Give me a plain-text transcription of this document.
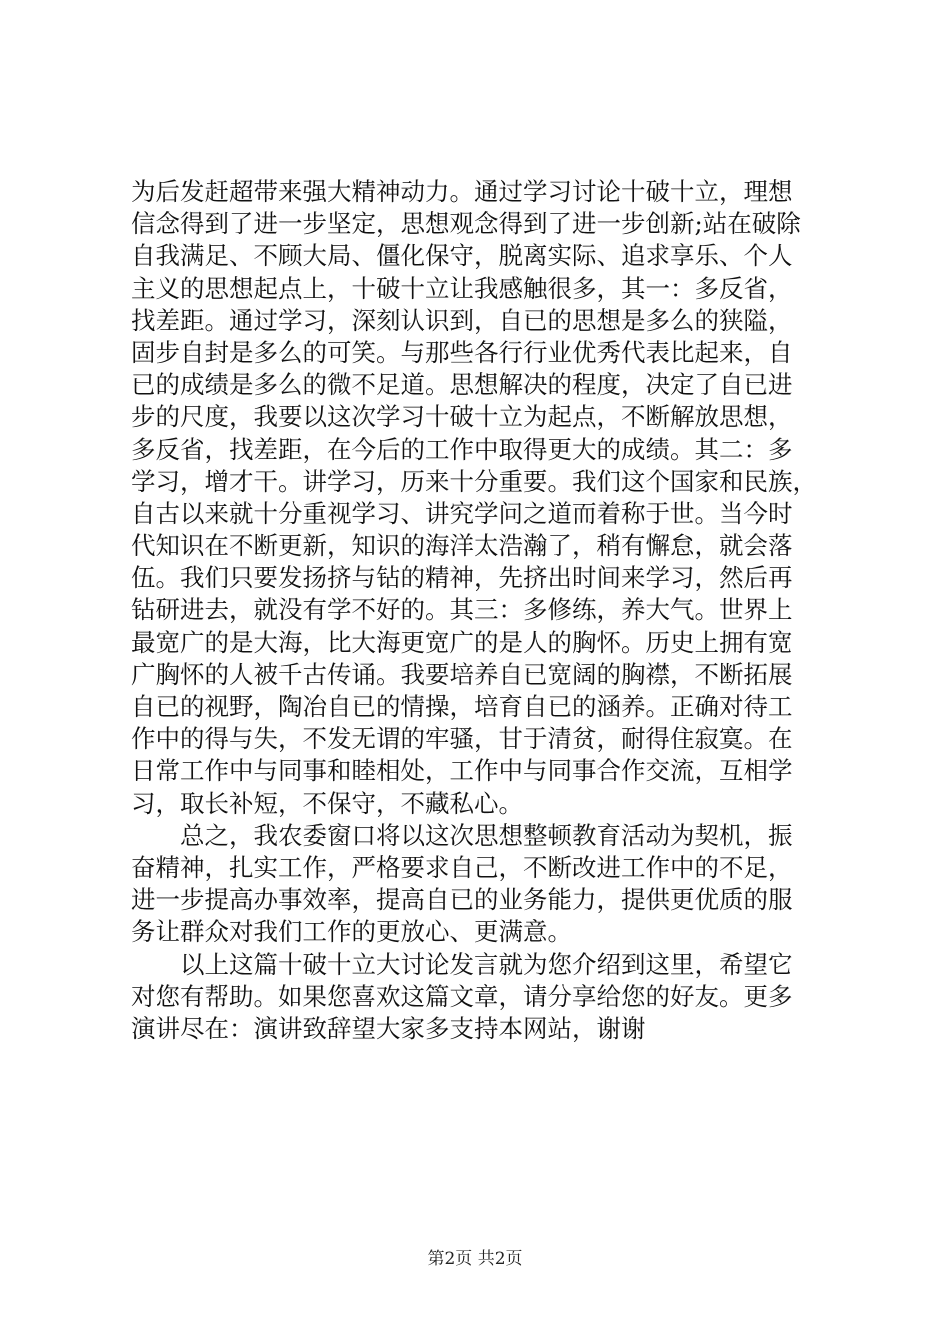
为后发赶超带来强大精神动力。通过学习讨论十破十立，理想
信念得到了进一步坚定，思想观念得到了进一步创新;站在破除
自我满足、不顾大局、僵化保守，脱离实际、追求享乐、个人
主义的思想起点上，十破十立让我感触很多，其一：多反省，
找差距。通过学习，深刻认识到，自已的思想是多么的狭隘，
固步自封是多么的可笑。与那些各行行业优秀代表比起来，自
已的成绩是多么的微不足道。思想解决的程度，决定了自已进
步的尺度，我要以这次学习十破十立为起点，不断解放思想，
多反省，找差距，在今后的工作中取得更大的成绩。其二：多
学习，增才干。讲学习，历来十分重要。我们这个国家和民族，
自古以来就十分重视学习、讲究学问之道而着称于世。当今时
代知识在不断更新，知识的海洋太浩瀚了，稍有懈怠，就会落
伍。我们只要发扬挤与钻的精神，先挤出时间来学习，然后再
钻研进去，就没有学不好的。其三：多修练，养大气。世界上
最宽广的是大海，比大海更宽广的是人的胸怀。历史上拥有宽
广胸怀的人被千古传诵。我要培养自已宽阔的胸襟，不断拓展
自已的视野，陶冶自已的情操，培育自已的涵养。正确对待工
作中的得与失，不发无谓的牢骚，甘于清贫，耐得住寂寞。在
日常工作中与同事和睦相处，工作中与同事合作交流，互相学
习，取长补短，不保守，不藏私心。
总之，我农委窗口将以这次思想整顿教育活动为契机，振
奋精神，扎实工作，严格要求自己，不断改进工作中的不足，
进一步提高办事效率，提高自已的业务能力，提供更优质的服
务让群众对我们工作的更放心、更满意。
以上这篇十破十立大讨论发言就为您介绍到这里，希望它
对您有帮助。如果您喜欢这篇文章，请分享给您的好友。更多
演讲尽在：演讲致辞望大家多支持本网站，谢谢
第2页 共2页
